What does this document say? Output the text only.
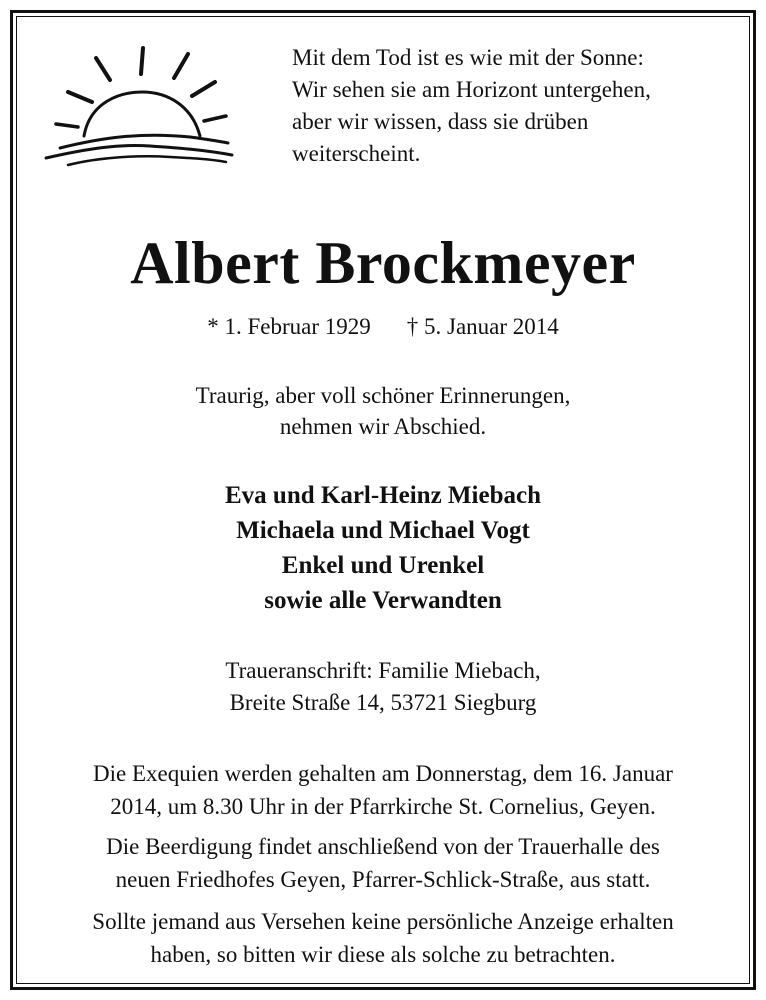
Mit dem Tod ist es wie mit der Sonne:
Wir sehen sie am Horizont untergehen,
aber wir wissen, dass sie drüben
weiterscheint.

Albert Brockmeyer
* 1. Februar 1929 † 5. Januar 2014

Traurig, aber voll schöner Erinnerungen,
nehmen wir Abschied.

Eva und Karl-Heinz Miebach
Michaela und Michael Vogt
Enkel und Urenkel
sowie alle Verwandten

Traueranschrift: Familie Miebach,
Breite Straße 14, 53721 Siegburg

Die Exequien werden gehalten am Donnerstag, dem 16. Januar
2014, um 8.30 Uhr in der Pfarrkirche St. Cornelius, Geyen.

Die Beerdigung findet anschließend von der Trauerhalle des
neuen Friedhofes Geyen, Pfarrer-Schlick-Straße, aus statt.

Sollte jemand aus Versehen keine persönliche Anzeige erhalten
haben, so bitten wir diese als solche zu betrachten.
